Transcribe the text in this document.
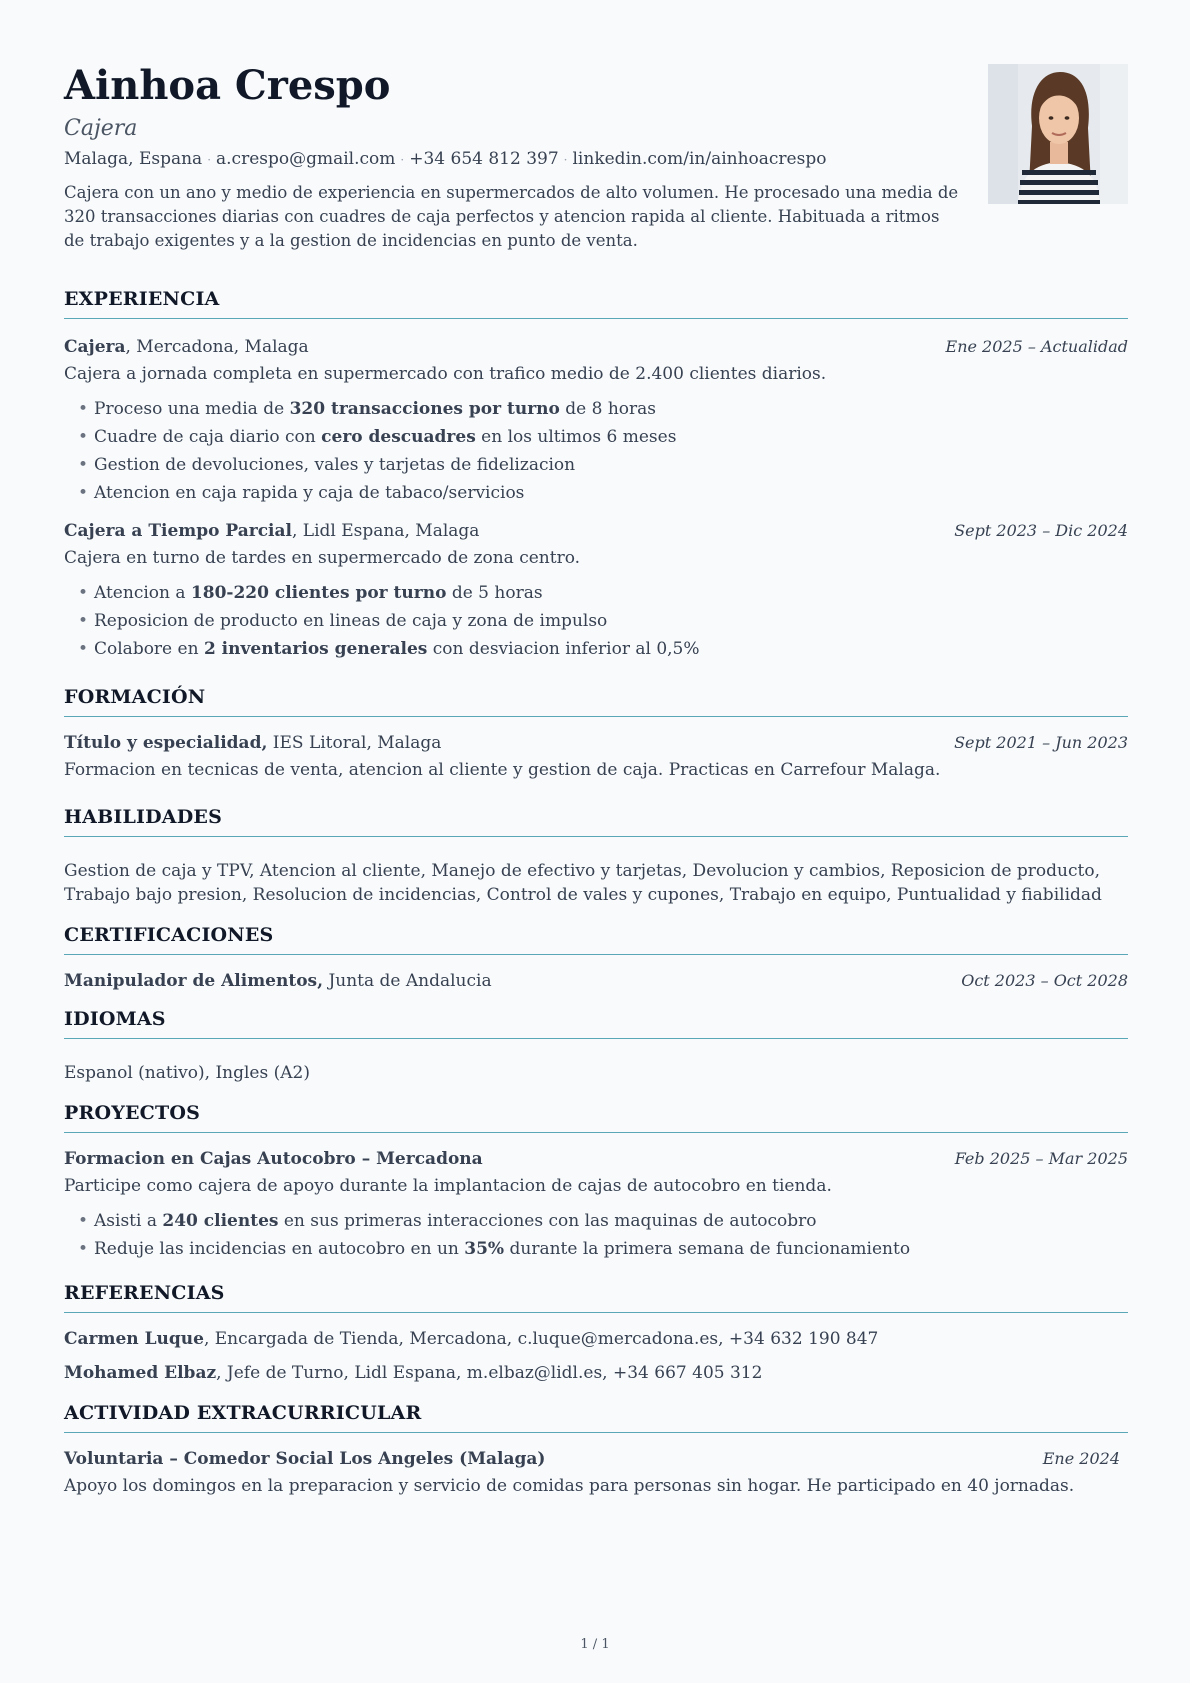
Ainhoa Crespo
Cajera
Malaga, Espana · a.crespo@gmail.com · +34 654 812 397 · linkedin.com/in/ainhoacrespo
Cajera con un ano y medio de experiencia en supermercados de alto volumen. He procesado una media de 320 transacciones diarias con cuadres de caja perfectos y atencion rapida al cliente. Habituada a ritmos de trabajo exigentes y a la gestion de incidencias en punto de venta.
EXPERIENCIA
Cajera, Mercadona, Malaga	Ene 2025 – Actualidad
Cajera a jornada completa en supermercado con trafico medio de 2.400 clientes diarios.
• Proceso una media de 320 transacciones por turno de 8 horas
• Cuadre de caja diario con cero descuadres en los ultimos 6 meses
• Gestion de devoluciones, vales y tarjetas de fidelizacion
• Atencion en caja rapida y caja de tabaco/servicios
Cajera a Tiempo Parcial, Lidl Espana, Malaga	Sept 2023 – Dic 2024
Cajera en turno de tardes en supermercado de zona centro.
• Atencion a 180-220 clientes por turno de 5 horas
• Reposicion de producto en lineas de caja y zona de impulso
• Colabore en 2 inventarios generales con desviacion inferior al 0,5%
FORMACIÓN
Título y especialidad, IES Litoral, Malaga	Sept 2021 – Jun 2023
Formacion en tecnicas de venta, atencion al cliente y gestion de caja. Practicas en Carrefour Malaga.
HABILIDADES
Gestion de caja y TPV, Atencion al cliente, Manejo de efectivo y tarjetas, Devolucion y cambios, Reposicion de producto, Trabajo bajo presion, Resolucion de incidencias, Control de vales y cupones, Trabajo en equipo, Puntualidad y fiabilidad
CERTIFICACIONES
Manipulador de Alimentos, Junta de Andalucia	Oct 2023 – Oct 2028
IDIOMAS
Espanol (nativo), Ingles (A2)
PROYECTOS
Formacion en Cajas Autocobro – Mercadona	Feb 2025 – Mar 2025
Participe como cajera de apoyo durante la implantacion de cajas de autocobro en tienda.
• Asisti a 240 clientes en sus primeras interacciones con las maquinas de autocobro
• Reduje las incidencias en autocobro en un 35% durante la primera semana de funcionamiento
REFERENCIAS
Carmen Luque, Encargada de Tienda, Mercadona, c.luque@mercadona.es, +34 632 190 847
Mohamed Elbaz, Jefe de Turno, Lidl Espana, m.elbaz@lidl.es, +34 667 405 312
ACTIVIDAD EXTRACURRICULAR
Voluntaria – Comedor Social Los Angeles (Malaga)	Ene 2024
Apoyo los domingos en la preparacion y servicio de comidas para personas sin hogar. He participado en 40 jornadas.
1 / 1
